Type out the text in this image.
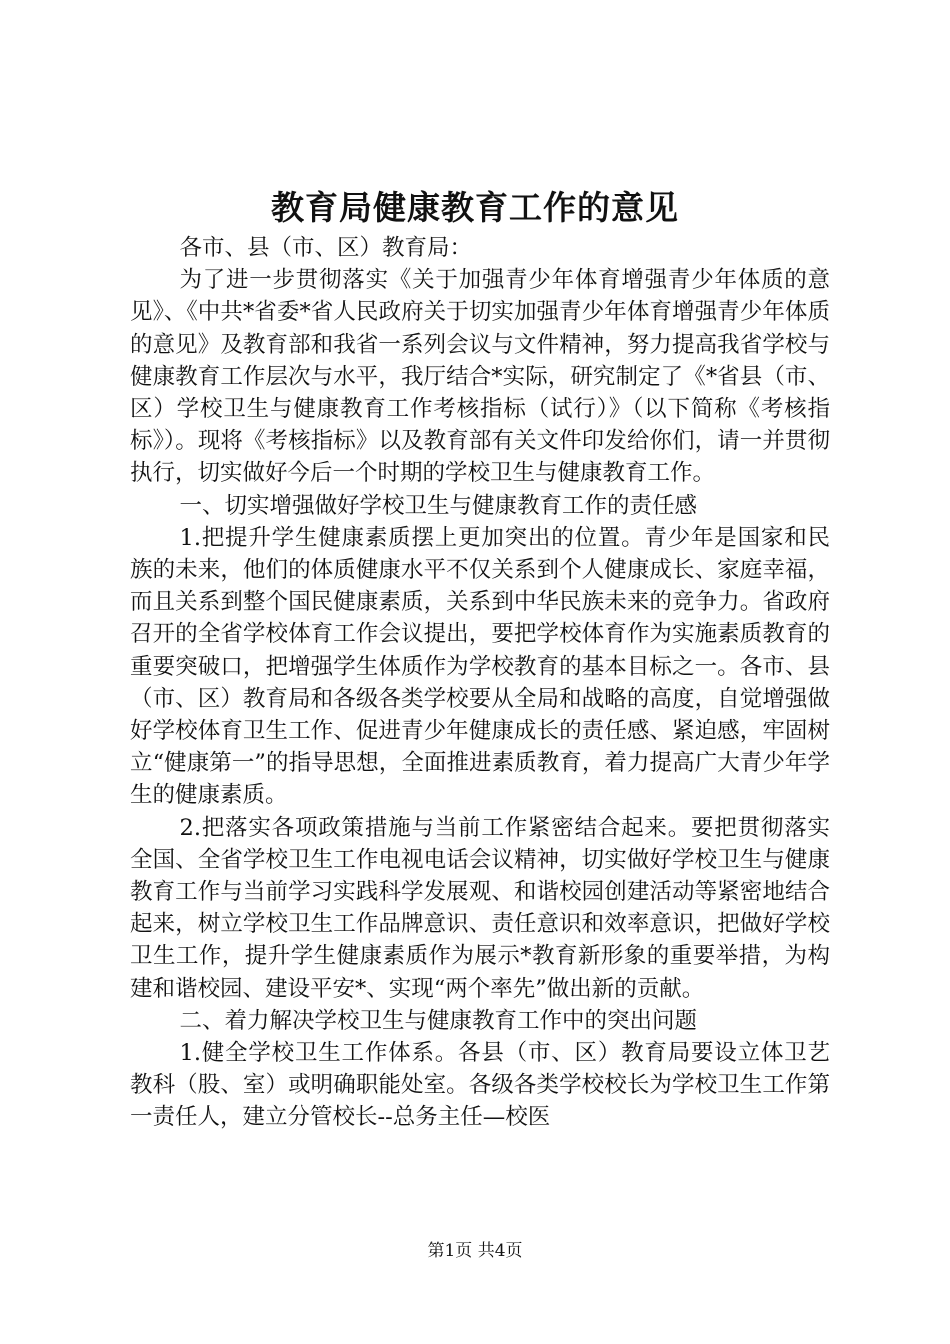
教育局健康教育工作的意见

各市、县（市、区）教育局：

为了进一步贯彻落实《关于加强青少年体育增强青少年体质的意见》、《中共*省委*省人民政府关于切实加强青少年体育增强青少年体质的意见》及教育部和我省一系列会议与文件精神，努力提高我省学校与健康教育工作层次与水平，我厅结合*实际，研究制定了《*省县（市、区）学校卫生与健康教育工作考核指标（试行）》（以下简称《考核指标》）。现将《考核指标》以及教育部有关文件印发给你们，请一并贯彻执行，切实做好今后一个时期的学校卫生与健康教育工作。

一、切实增强做好学校卫生与健康教育工作的责任感

1.把提升学生健康素质摆上更加突出的位置。青少年是国家和民族的未来，他们的体质健康水平不仅关系到个人健康成长、家庭幸福，而且关系到整个国民健康素质，关系到中华民族未来的竞争力。省政府召开的全省学校体育工作会议提出，要把学校体育作为实施素质教育的重要突破口，把增强学生体质作为学校教育的基本目标之一。各市、县（市、区）教育局和各级各类学校要从全局和战略的高度，自觉增强做好学校体育卫生工作、促进青少年健康成长的责任感、紧迫感，牢固树立“健康第一”的指导思想，全面推进素质教育，着力提高广大青少年学生的健康素质。

2.把落实各项政策措施与当前工作紧密结合起来。要把贯彻落实全国、全省学校卫生工作电视电话会议精神，切实做好学校卫生与健康教育工作与当前学习实践科学发展观、和谐校园创建活动等紧密地结合起来，树立学校卫生工作品牌意识、责任意识和效率意识，把做好学校卫生工作，提升学生健康素质作为展示*教育新形象的重要举措，为构建和谐校园、建设平安*、实现“两个率先”做出新的贡献。

二、着力解决学校卫生与健康教育工作中的突出问题

1.健全学校卫生工作体系。各县（市、区）教育局要设立体卫艺教科（股、室）或明确职能处室。各级各类学校校长为学校卫生工作第一责任人，建立分管校长--总务主任—校医

第1页 共4页
